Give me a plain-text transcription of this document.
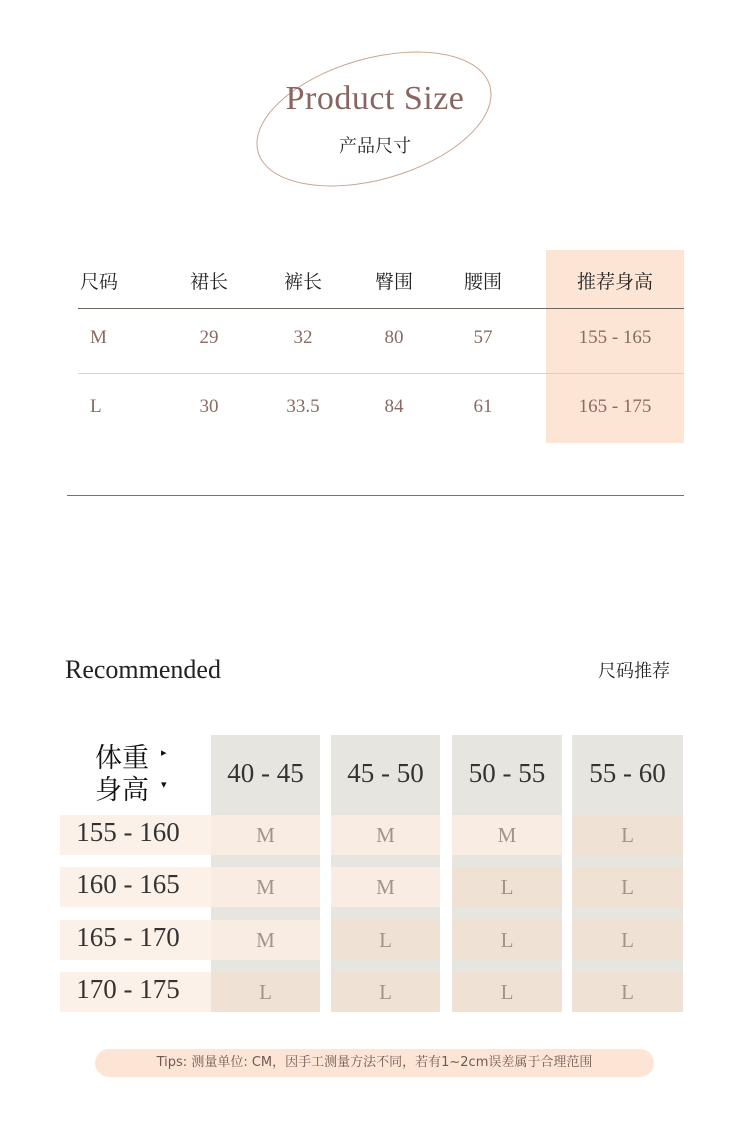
Product Size
产品尺寸
尺码	裙长	裤长	臀围	腰围	推荐身高
M	29	32	80	57	155 - 165
L	30	33.5	84	61	165 - 175
Recommended	尺码推荐
体重 ▸
身高 ▾	40 - 45	45 - 50	50 - 55	55 - 60
155 - 160	M	M	M	L
160 - 165	M	M	L	L
165 - 170	M	L	L	L
170 - 175	L	L	L	L
Tips: 测量单位: CM，因手工测量方法不同，若有1~2cm误差属于合理范围
